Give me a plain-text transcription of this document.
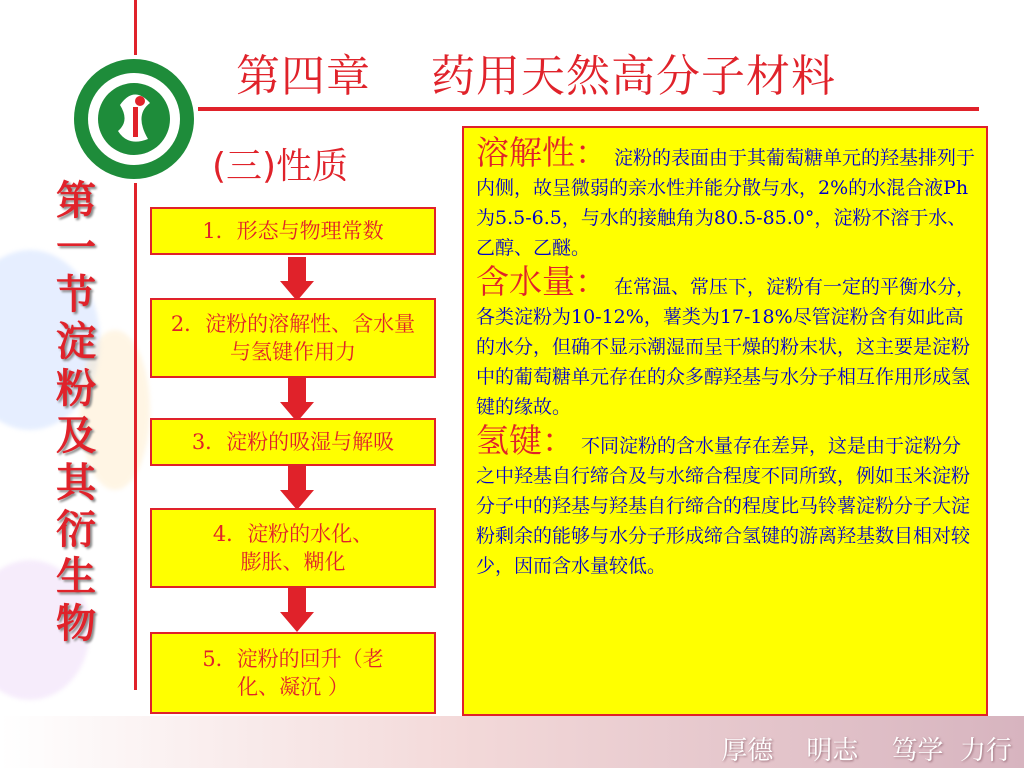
第四章    药用天然高分子材料
(三)性质
第
一
节
淀
粉
及
其
衍
生
物
1．形态与物理常数
2．淀粉的溶解性、含水量与氢键作用力
3．淀粉的吸湿与解吸
4．淀粉的水化、膨胀、糊化
5．淀粉的回升（老化、凝沉 ）

溶解性： 淀粉的表面由于其葡萄糖单元的羟基排列于内侧，故呈微弱的亲水性并能分散与水，2%的水混合液Ph为5.5-6.5，与水的接触角为80.5-85.0°，淀粉不溶于水、乙醇、乙醚。

含水量： 在常温、常压下，淀粉有一定的平衡水分，各类淀粉为10-12%，薯类为17-18%尽管淀粉含有如此高的水分，但确不显示潮湿而呈干燥的粉末状，这主要是淀粉中的葡萄糖单元存在的众多醇羟基与水分子相互作用形成氢键的缘故。

氢键： 不同淀粉的含水量存在差异，这是由于淀粉分之中羟基自行缔合及与水缔合程度不同所致，例如玉米淀粉分子中的羟基与羟基自行缔合的程度比马铃薯淀粉分子大淀粉剩余的能够与水分子形成缔合氢键的游离羟基数目相对较少，因而含水量较低。

厚德    明志    笃学  力行
